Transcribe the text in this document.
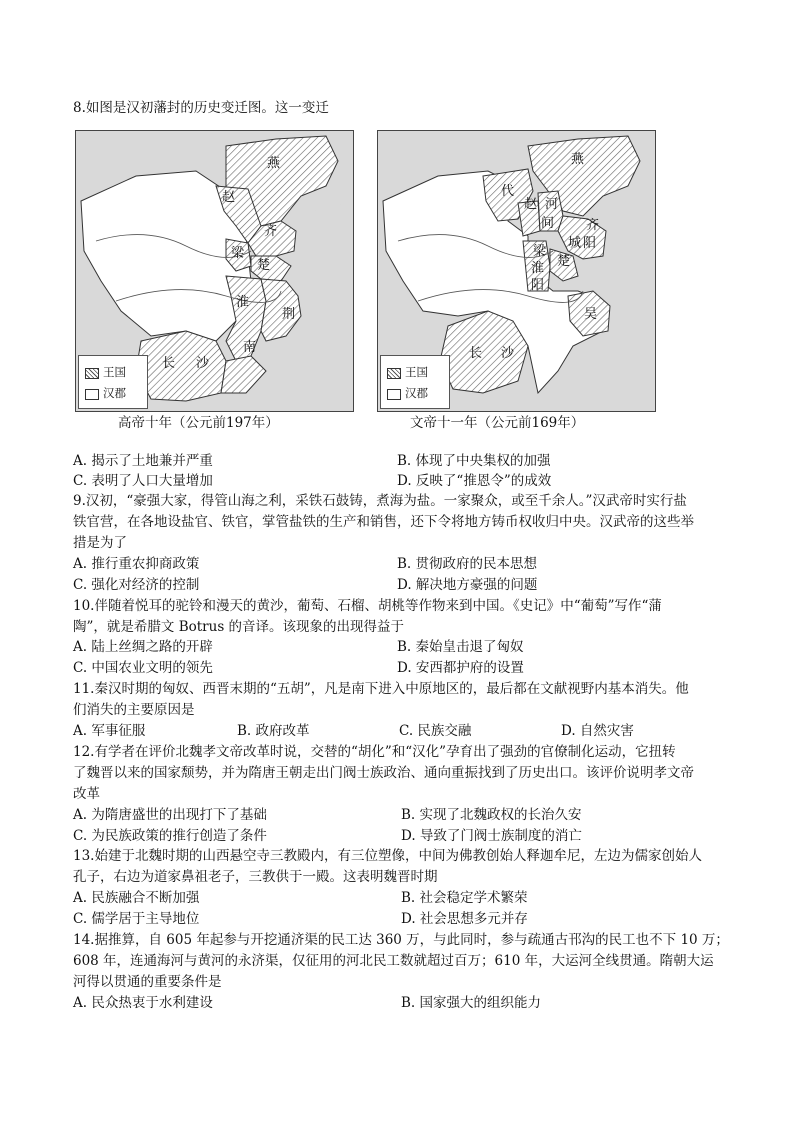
8.如图是汉初藩封的历史变迁图。这一变迁
燕
赵
齐
梁
楚
淮
荆
南
长 沙
王国
汉郡
高帝十年（公元前197年）
燕
代
赵 河
间 齐
城 阳
梁
楚
淮
阳
吴
长 沙
王国
汉郡
文帝十一年（公元前169年）
A. 揭示了土地兼并严重	B. 体现了中央集权的加强
C. 表明了人口大量增加	D. 反映了“推恩令”的成效
9.汉初，“豪强大家，得管山海之利，采铁石鼓铸，煮海为盐。一家聚众，或至千余人。”汉武帝时实行盐
铁官营，在各地设盐官、铁官，掌管盐铁的生产和销售，还下令将地方铸币权收归中央。汉武帝的这些举
措是为了
A. 推行重农抑商政策	B. 贯彻政府的民本思想
C. 强化对经济的控制	D. 解决地方豪强的问题
10.伴随着悦耳的驼铃和漫天的黄沙，葡萄、石榴、胡桃等作物来到中国。《史记》中“葡萄”写作“蒲
陶”，就是希腊文 Botrus 的音译。该现象的出现得益于
A. 陆上丝绸之路的开辟	B. 秦始皇击退了匈奴
C. 中国农业文明的领先	D. 安西都护府的设置
11.秦汉时期的匈奴、西晋末期的“五胡”，凡是南下进入中原地区的，最后都在文献视野内基本消失。他
们消失的主要原因是
A. 军事征服	B. 政府改革	C. 民族交融	D. 自然灾害
12.有学者在评价北魏孝文帝改革时说，交替的“胡化”和“汉化”孕育出了强劲的官僚制化运动，它扭转
了魏晋以来的国家颓势，并为隋唐王朝走出门阀士族政治、通向重振找到了历史出口。该评价说明孝文帝
改革
A. 为隋唐盛世的出现打下了基础	B. 实现了北魏政权的长治久安
C. 为民族政策的推行创造了条件	D. 导致了门阀士族制度的消亡
13.始建于北魏时期的山西悬空寺三教殿内，有三位塑像，中间为佛教创始人释迦牟尼，左边为儒家创始人
孔子，右边为道家鼻祖老子，三教供于一殿。这表明魏晋时期
A. 民族融合不断加强	B. 社会稳定学术繁荣
C. 儒学居于主导地位	D. 社会思想多元并存
14.据推算，自 605 年起参与开挖通济渠的民工达 360 万，与此同时，参与疏通古邗沟的民工也不下 10 万；
608 年，连通海河与黄河的永济渠，仅征用的河北民工数就超过百万；610 年，大运河全线贯通。隋朝大运
河得以贯通的重要条件是
A. 民众热衷于水利建设	B. 国家强大的组织能力
